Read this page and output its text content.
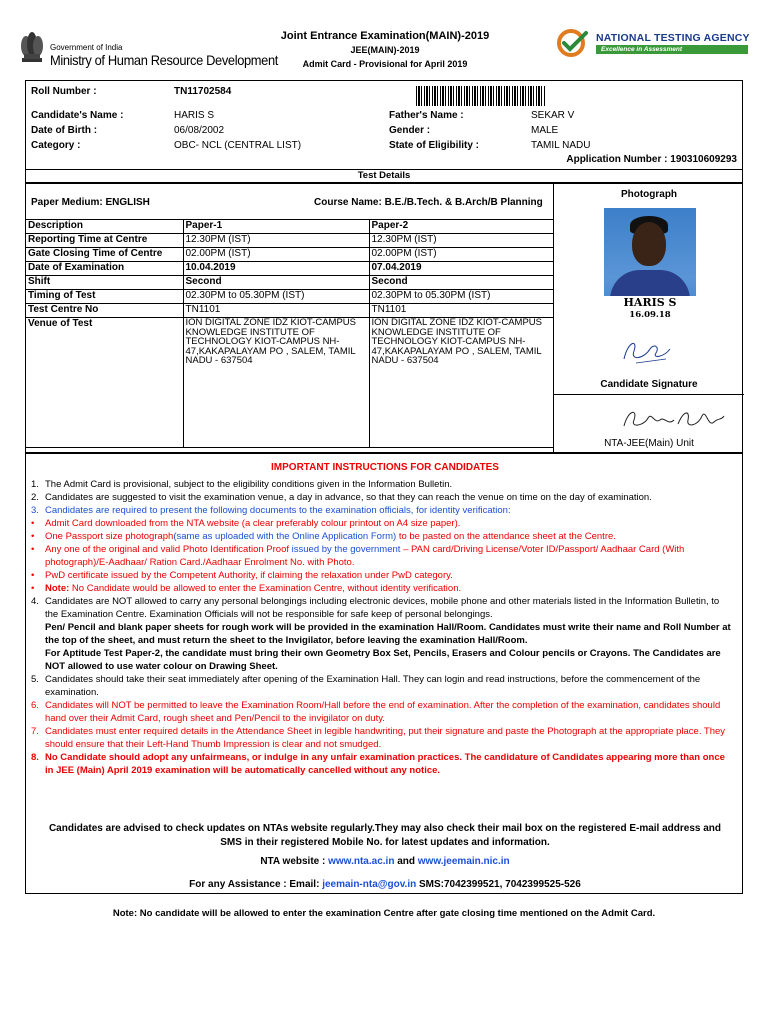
Government of India
Ministry of Human Resource Development
Joint Entrance Examination(MAIN)-2019
JEE(MAIN)-2019
Admit Card - Provisional for April 2019
NATIONAL TESTING AGENCY
Excellence in Assessment
Roll Number :	TN11702584
Candidate's Name :	HARIS S	Father's Name :	SEKAR V
Date of Birth :	06/08/2002	Gender :	MALE
Category :	OBC- NCL (CENTRAL LIST)	State of Eligibility :	TAMIL NADU
Application Number : 190310609293
Test Details
Paper Medium: ENGLISH	Course Name: B.E./B.Tech. & B.Arch/B Planning
Description	Paper-1	Paper-2
Reporting Time at Centre	12.30PM (IST)	12.30PM (IST)
Gate Closing Time of Centre	02.00PM (IST)	02.00PM (IST)
Date of Examination	10.04.2019	07.04.2019
Shift	Second	Second
Timing of Test	02.30PM to 05.30PM (IST)	02.30PM to 05.30PM (IST)
Test Centre No	TN1101	TN1101
Venue of Test	ION DIGITAL ZONE IDZ KIOT-CAMPUS KNOWLEDGE INSTITUTE OF TECHNOLOGY KIOT-CAMPUS NH-47,KAKAPALAYAM PO , SALEM, TAMIL NADU - 637504	ION DIGITAL ZONE IDZ KIOT-CAMPUS KNOWLEDGE INSTITUTE OF TECHNOLOGY KIOT-CAMPUS NH-47,KAKAPALAYAM PO , SALEM, TAMIL NADU - 637504
Photograph
HARIS S
16.09.18
Candidate Signature
NTA-JEE(Main) Unit
IMPORTANT INSTRUCTIONS FOR CANDIDATES
1. The Admit Card is provisional, subject to the eligibility conditions given in the Information Bulletin.
2. Candidates are suggested to visit the examination venue, a day in advance, so that they can reach the venue on time on the day of examination.
3. Candidates are required to present the following documents to the examination officials, for identity verification:
•	Admit Card downloaded from the NTA website (a clear preferably colour printout on A4 size paper).
•	One Passport size photograph(same as uploaded with the Online Application Form) to be pasted on the attendance sheet at the Centre.
•	Any one of the original and valid Photo Identification Proof issued by the government – PAN card/Driving License/Voter ID/Passport/ Aadhaar Card (With photograph)/E-Aadhaar/ Ration Card./Aadhaar Enrolment No. with Photo.
•	PwD certificate issued by the Competent Authority, if claiming the relaxation under PwD category.
•	Note: No Candidate would be allowed to enter the Examination Centre, without identity verification.
4. Candidates are NOT allowed to carry any personal belongings including electronic devices, mobile phone and other materials listed in the Information Bulletin, to the Examination Centre. Examination Officials will not be responsible for safe keep of personal belongings.
Pen/ Pencil and blank paper sheets for rough work will be provided in the examination Hall/Room. Candidates must write their name and Roll Number at the top of the sheet, and must return the sheet to the Invigilator, before leaving the examination Hall/Room.
For Aptitude Test Paper-2, the candidate must bring their own Geometry Box Set, Pencils, Erasers and Colour pencils or Crayons. The Candidates are NOT allowed to use water colour on Drawing Sheet.
5. Candidates should take their seat immediately after opening of the Examination Hall. They can login and read instructions, before the commencement of the examination.
6. Candidates will NOT be permitted to leave the Examination Room/Hall before the end of examination. After the completion of the examination, candidates should hand over their Admit Card, rough sheet and Pen/Pencil to the invigilator on duty.
7. Candidates must enter required details in the Attendance Sheet in legible handwriting, put their signature and paste the Photograph at the appropriate place. They should ensure that their Left-Hand Thumb Impression is clear and not smudged.
8. No Candidate should adopt any unfairmeans, or indulge in any unfair examination practices. The candidature of Candidates appearing more than once in JEE (Main) April 2019 examination will be automatically cancelled without any notice.
Candidates are advised to check updates on NTAs website regularly.They may also check their mail box on the registered E-mail address and SMS in their registered Mobile No. for latest updates and information.
NTA website : www.nta.ac.in and www.jeemain.nic.in
For any Assistance : Email: jeemain-nta@gov.in SMS:7042399521, 7042399525-526
Note: No candidate will be allowed to enter the examination Centre after gate closing time mentioned on the Admit Card.
